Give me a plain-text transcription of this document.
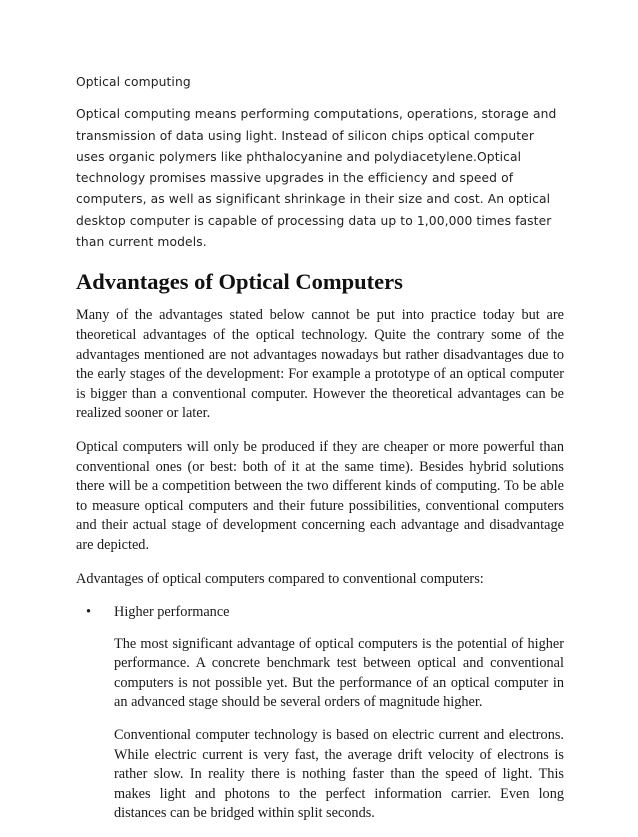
Optical computing

Optical computing means performing computations, operations, storage and transmission of data using light. Instead of silicon chips optical computer uses organic polymers like phthalocyanine and polydiacetylene.Optical technology promises massive upgrades in the efficiency and speed of computers, as well as significant shrinkage in their size and cost. An optical desktop computer is capable of processing data up to 1,00,000 times faster than current models.

Advantages of Optical Computers

Many of the advantages stated below cannot be put into practice today but are theoretical advantages of the optical technology. Quite the contrary some of the advantages mentioned are not advantages nowadays but rather disadvantages due to the early stages of the development: For example a prototype of an optical computer is bigger than a conventional computer. However the theoretical advantages can be realized sooner or later.

Optical computers will only be produced if they are cheaper or more powerful than conventional ones (or best: both of it at the same time). Besides hybrid solutions there will be a competition between the two different kinds of computing. To be able to measure optical computers and their future possibilities, conventional computers and their actual stage of development concerning each advantage and disadvantage are depicted.

Advantages of optical computers compared to conventional computers:

• Higher performance

The most significant advantage of optical computers is the potential of higher performance. A concrete benchmark test between optical and conventional computers is not possible yet. But the performance of an optical computer in an advanced stage should be several orders of magnitude higher.

Conventional computer technology is based on electric current and electrons. While electric current is very fast, the average drift velocity of electrons is rather slow. In reality there is nothing faster than the speed of light. This makes light and photons to the perfect information carrier. Even long distances can be bridged within split seconds.
